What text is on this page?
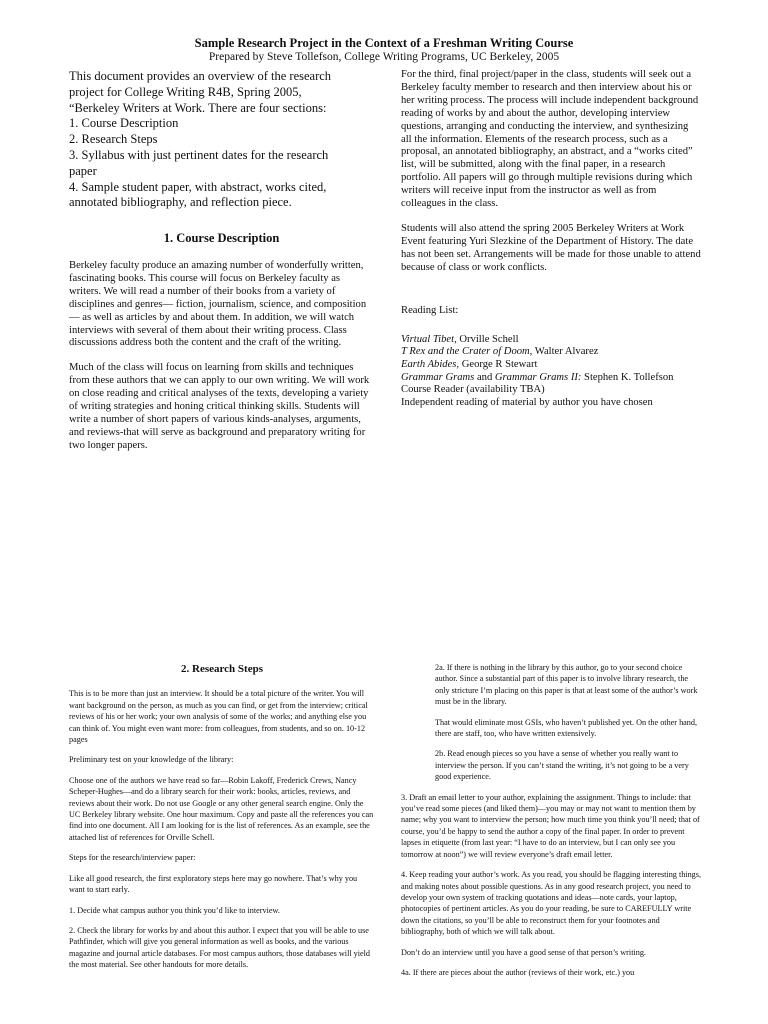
Sample Research Project in the Context of a Freshman Writing Course
Prepared by Steve Tollefson, College Writing Programs, UC Berkeley, 2005
This document provides an overview of the research
project for College Writing R4B, Spring 2005,
“Berkeley Writers at Work. There are four sections:
1. Course Description
2. Research Steps
3. Syllabus with just pertinent dates for the research
paper
4. Sample student paper, with abstract, works cited,
annotated bibliography, and reflection piece.
1. Course Description

Berkeley faculty produce an amazing number of wonderfully written, fascinating books. This course will focus on Berkeley faculty as writers. We will read a number of their books from a variety of disciplines and genres— fiction, journalism, science, and composition— as well as articles by and about them. In addition, we will watch interviews with several of them about their writing process. Class discussions address both the content and the craft of the writing.

Much of the class will focus on learning from skills and techniques from these authors that we can apply to our own writing. We will work on close reading and critical analyses of the texts, developing a variety of writing strategies and honing critical thinking skills. Students will write a number of short papers of various kinds-analyses, arguments, and reviews-that will serve as background and preparatory writing for two longer papers.

For the third, final project/paper in the class, students will seek out a Berkeley faculty member to research and then interview about his or her writing process. The process will include independent background reading of works by and about the author, developing interview questions, arranging and conducting the interview, and synthesizing all the information. Elements of the research process, such as a proposal, an annotated bibliography, an abstract, and a “works cited” list, will be submitted, along with the final paper, in a research portfolio. All papers will go through multiple revisions during which writers will receive input from the instructor as well as from colleagues in the class.

Students will also attend the spring 2005 Berkeley Writers at Work Event featuring Yuri Slezkine of the Department of History. The date has not been set. Arrangements will be made for those unable to attend because of class or work conflicts.

Reading List:

Virtual Tibet, Orville Schell
T Rex and the Crater of Doom, Walter Alvarez
Earth Abides, George R Stewart
Grammar Grams and Grammar Grams II: Stephen K. Tollefson
Course Reader (availability TBA)
Independent reading of material by author you have chosen
2. Research Steps

This is to be more than just an interview. It should be a total picture of the writer. You will want background on the person, as much as you can find, or get from the interview; critical reviews of his or her work; your own analysis of some of the works; and anything else you can think of. You might even want more: from colleagues, from students, and so on. 10-12 pages

Preliminary test on your knowledge of the library:

Choose one of the authors we have read so far—Robin Lakoff, Frederick Crews, Nancy Scheper-Hughes—and do a library search for their work: books, articles, reviews, and reviews about their work. Do not use Google or any other general search engine. Only the UC Berkeley library website. One hour maximum. Copy and paste all the references you can find into one document. All I am looking for is the list of references. As an example, see the attached list of references for Orville Schell.

Steps for the research/interview paper:

Like all good research, the first exploratory steps here may go nowhere. That’s why you want to start early.

1. Decide what campus author you think you’d like to interview.

2. Check the library for works by and about this author. I expect that you will be able to use Pathfinder, which will give you general information as well as books, and the various magazine and journal article databases. For most campus authors, those databases will yield the most material. See other handouts for more details.

2a. If there is nothing in the library by this author, go to your second choice author. Since a substantial part of this paper is to involve library research, the only stricture I’m placing on this paper is that at least some of the author’s work must be in the library.

That would eliminate most GSIs, who haven’t published yet. On the other hand, there are staff, too, who have written extensively.

2b. Read enough pieces so you have a sense of whether you really want to interview the person. If you can’t stand the writing, it’s not going to be a very good experience.

3. Draft an email letter to your author, explaining the assignment. Things to include: that you’ve read some pieces (and liked them)—you may or may not want to mention them by name; why you want to interview the person; how much time you think you’ll need; that of course, you’d be happy to send the author a copy of the final paper. In order to prevent lapses in etiquette (from last year: “I have to do an interview, but I can only see you tomorrow at noon”) we will review everyone’s draft email letter.

4. Keep reading your author’s work. As you read, you should be flagging interesting things, and making notes about possible questions. As in any good research project, you need to develop your own system of tracking quotations and ideas—note cards, your laptop, photocopies of pertinent articles. As you do your reading, be sure to CAREFULLY write down the citations, so you’ll be able to reconstruct them for your footnotes and bibliography, both of which we will talk about.

Don’t do an interview until you have a good sense of that person’s writing.

4a. If there are pieces about the author (reviews of their work, etc.) you
